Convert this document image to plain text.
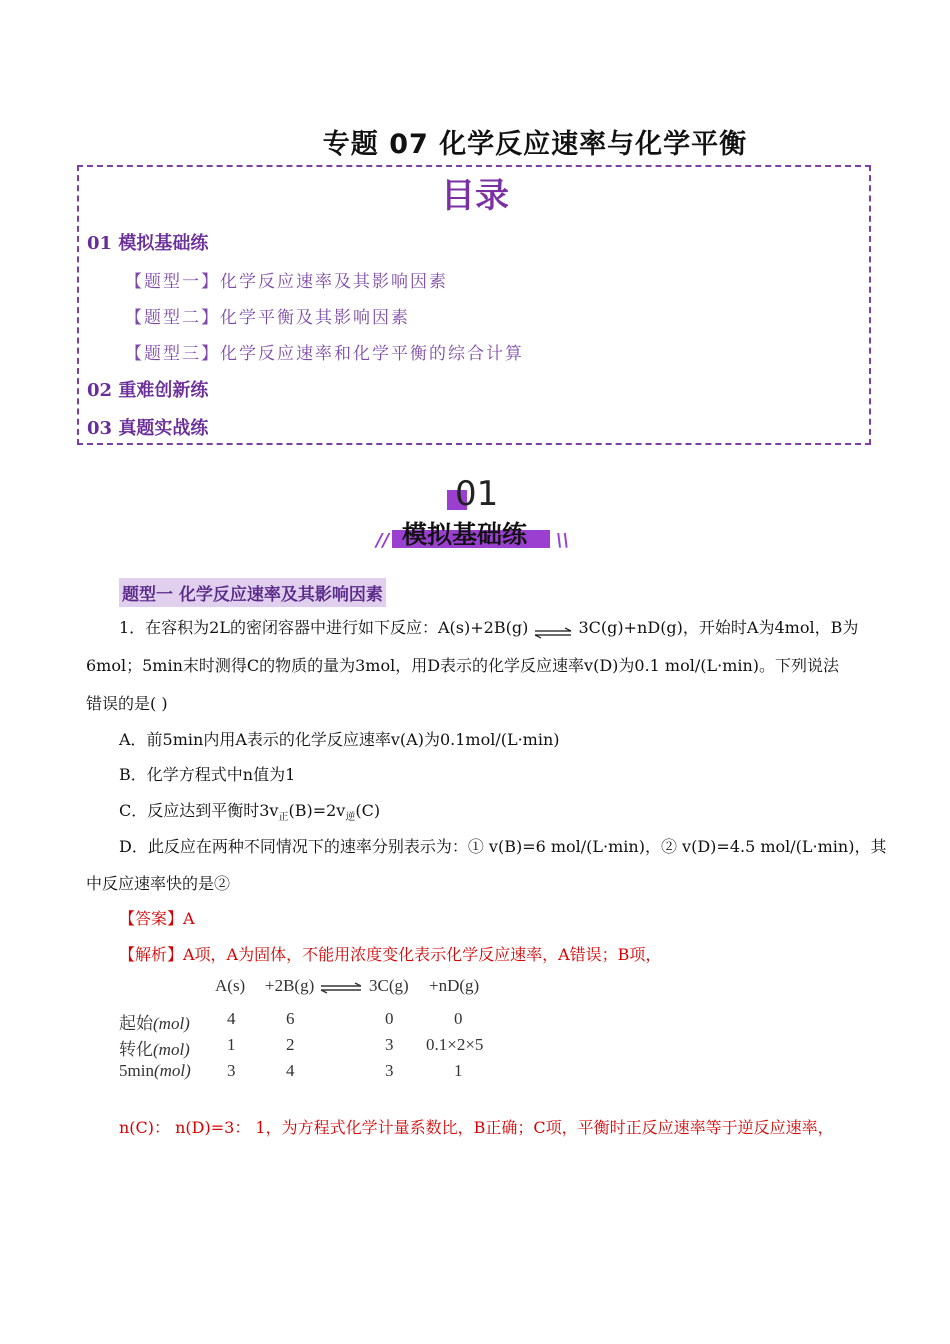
专题 07 化学反应速率与化学平衡
目录
01 模拟基础练
【题型一】化学反应速率及其影响因素
【题型二】化学平衡及其影响因素
【题型三】化学反应速率和化学平衡的综合计算
02 重难创新练
03 真题实战练
01
模拟基础练
//	\\
题型一 化学反应速率及其影响因素
1．在容积为2L的密闭容器中进行如下反应：A(s)+2B(g) ⇌ 3C(g)+nD(g)，开始时A为4mol，B为
6mol；5min末时测得C的物质的量为3mol，用D表示的化学反应速率v(D)为0.1 mol/(L·min)。下列说法
错误的是( )
A．前5min内用A表示的化学反应速率v(A)为0.1mol/(L·min)
B．化学方程式中n值为1
C．反应达到平衡时$3v_正(B)=2v_逆(C)$
D．此反应在两种不同情况下的速率分别表示为：① v(B)=6 mol/(L·min)，② v(D)=4.5 mol/(L·min)，其
中反应速率快的是②
【答案】A
【解析】A项，A为固体，不能用浓度变化表示化学反应速率，A错误；B项，
A(s) +2B(g) ⇌ 3C(g) +nD(g)
起始(mol) 4	6	0	0
转化(mol) 1	2	3 0.1×2×5
5min(mol) 3	4	3	1
n(C)： n(D)=3： 1，为方程式化学计量系数比，B正确；C项，平衡时正反应速率等于逆反应速率，
